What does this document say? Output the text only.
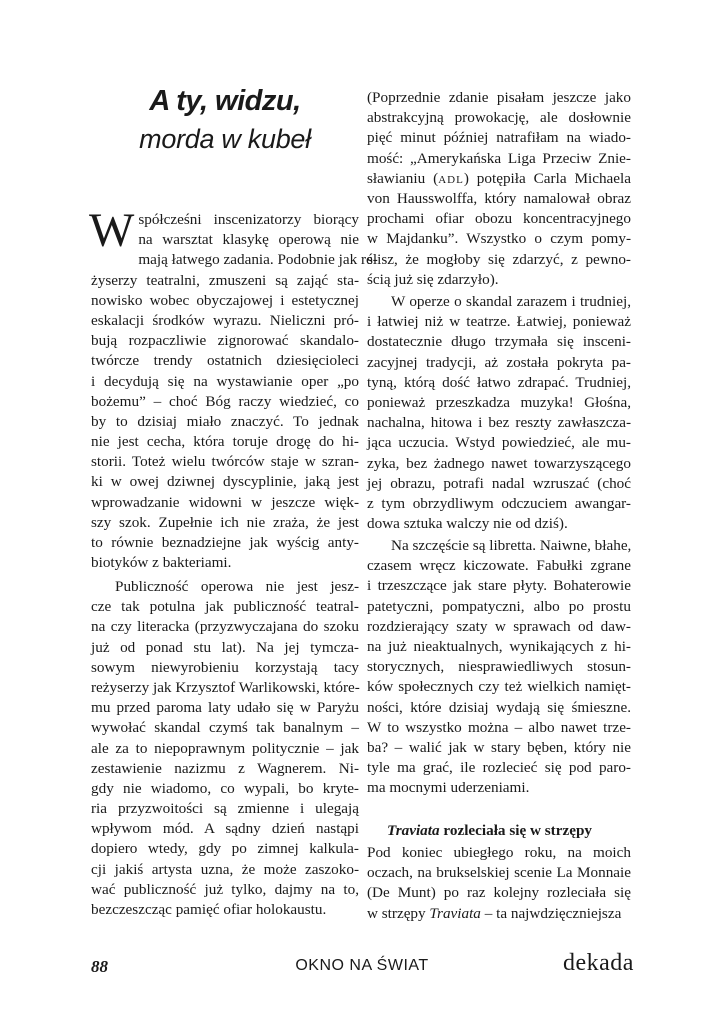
A ty, widzu,
morda w kubeł
W spółcześni inscenizatorzy biorący
na warsztat klasykę operową nie
mają łatwego zadania. Podobnie jak re-
żyserzy teatralni, zmuszeni są zająć sta-
nowisko wobec obyczajowej i estetycznej
eskalacji środków wyrazu. Nieliczni pró-
bują rozpaczliwie zignorować skandalo-
twórcze trendy ostatnich dziesięcioleci
i decydują się na wystawianie oper „po
bożemu” – choć Bóg raczy wiedzieć, co
by to dzisiaj miało znaczyć. To jednak
nie jest cecha, która toruje drogę do hi-
storii. Toteż wielu twórców staje w szran-
ki w owej dziwnej dyscyplinie, jaką jest
wprowadzanie widowni w jeszcze więk-
szy szok. Zupełnie ich nie zraża, że jest
to równie beznadziejne jak wyścig anty-
biotyków z bakteriami.
Publiczność operowa nie jest jesz-
cze tak potulna jak publiczność teatral-
na czy literacka (przyzwyczajana do szoku
już od ponad stu lat). Na jej tymcza-
sowym niewyrobieniu korzystają tacy
reżyserzy jak Krzysztof Warlikowski, które-
mu przed paroma laty udało się w Paryżu
wywołać skandal czymś tak banalnym –
ale za to niepoprawnym politycznie – jak
zestawienie nazizmu z Wagnerem. Ni-
gdy nie wiadomo, co wypali, bo kryte-
ria przyzwoitości są zmienne i ulegają
wpływom mód. A sądny dzień nastąpi
dopiero wtedy, gdy po zimnej kalkula-
cji jakiś artysta uzna, że może zaszoko-
wać publiczność już tylko, dajmy na to,
bezczeszcząc pamięć ofiar holokaustu.
(Poprzednie zdanie pisałam jeszcze jako
abstrakcyjną prowokację, ale dosłownie
pięć minut później natrafiłam na wiado-
mość: „Amerykańska Liga Przeciw Znie-
sławianiu (ADL) potępiła Carla Michaela
von Hausswolffa, który namalował obraz
prochami ofiar obozu koncentracyjnego
w Majdanku”. Wszystko o czym pomy-
ślisz, że mogłoby się zdarzyć, z pewno-
ścią już się zdarzyło).
W operze o skandal zarazem i trudniej,
i łatwiej niż w teatrze. Łatwiej, ponieważ
dostatecznie długo trzymała się insceni-
zacyjnej tradycji, aż została pokryta pa-
tyną, którą dość łatwo zdrapać. Trudniej,
ponieważ przeszkadza muzyka! Głośna,
nachalna, hitowa i bez reszty zawłaszcza-
jąca uczucia. Wstyd powiedzieć, ale mu-
zyka, bez żadnego nawet towarzyszącego
jej obrazu, potrafi nadal wzruszać (choć
z tym obrzydliwym odczuciem awangar-
dowa sztuka walczy nie od dziś).
Na szczęście są libretta. Naiwne, błahe,
czasem wręcz kiczowate. Fabułki zgrane
i trzeszczące jak stare płyty. Bohaterowie
patetyczni, pompatyczni, albo po prostu
rozdzierający szaty w sprawach od daw-
na już nieaktualnych, wynikających z hi-
storycznych, niesprawiedliwych stosun-
ków społecznych czy też wielkich namięt-
ności, które dzisiaj wydają się śmieszne.
W to wszystko można – albo nawet trze-
ba? – walić jak w stary bęben, który nie
tyle ma grać, ile rozlecieć się pod paro-
ma mocnymi uderzeniami.
Traviata rozleciała się w strzępy
Pod koniec ubiegłego roku, na moich
oczach, na brukselskiej scenie La Monnaie
(De Munt) po raz kolejny rozleciała się
w strzępy Traviata – ta najwdzięczniejsza
88	OKNO NA ŚWIAT	dekada
